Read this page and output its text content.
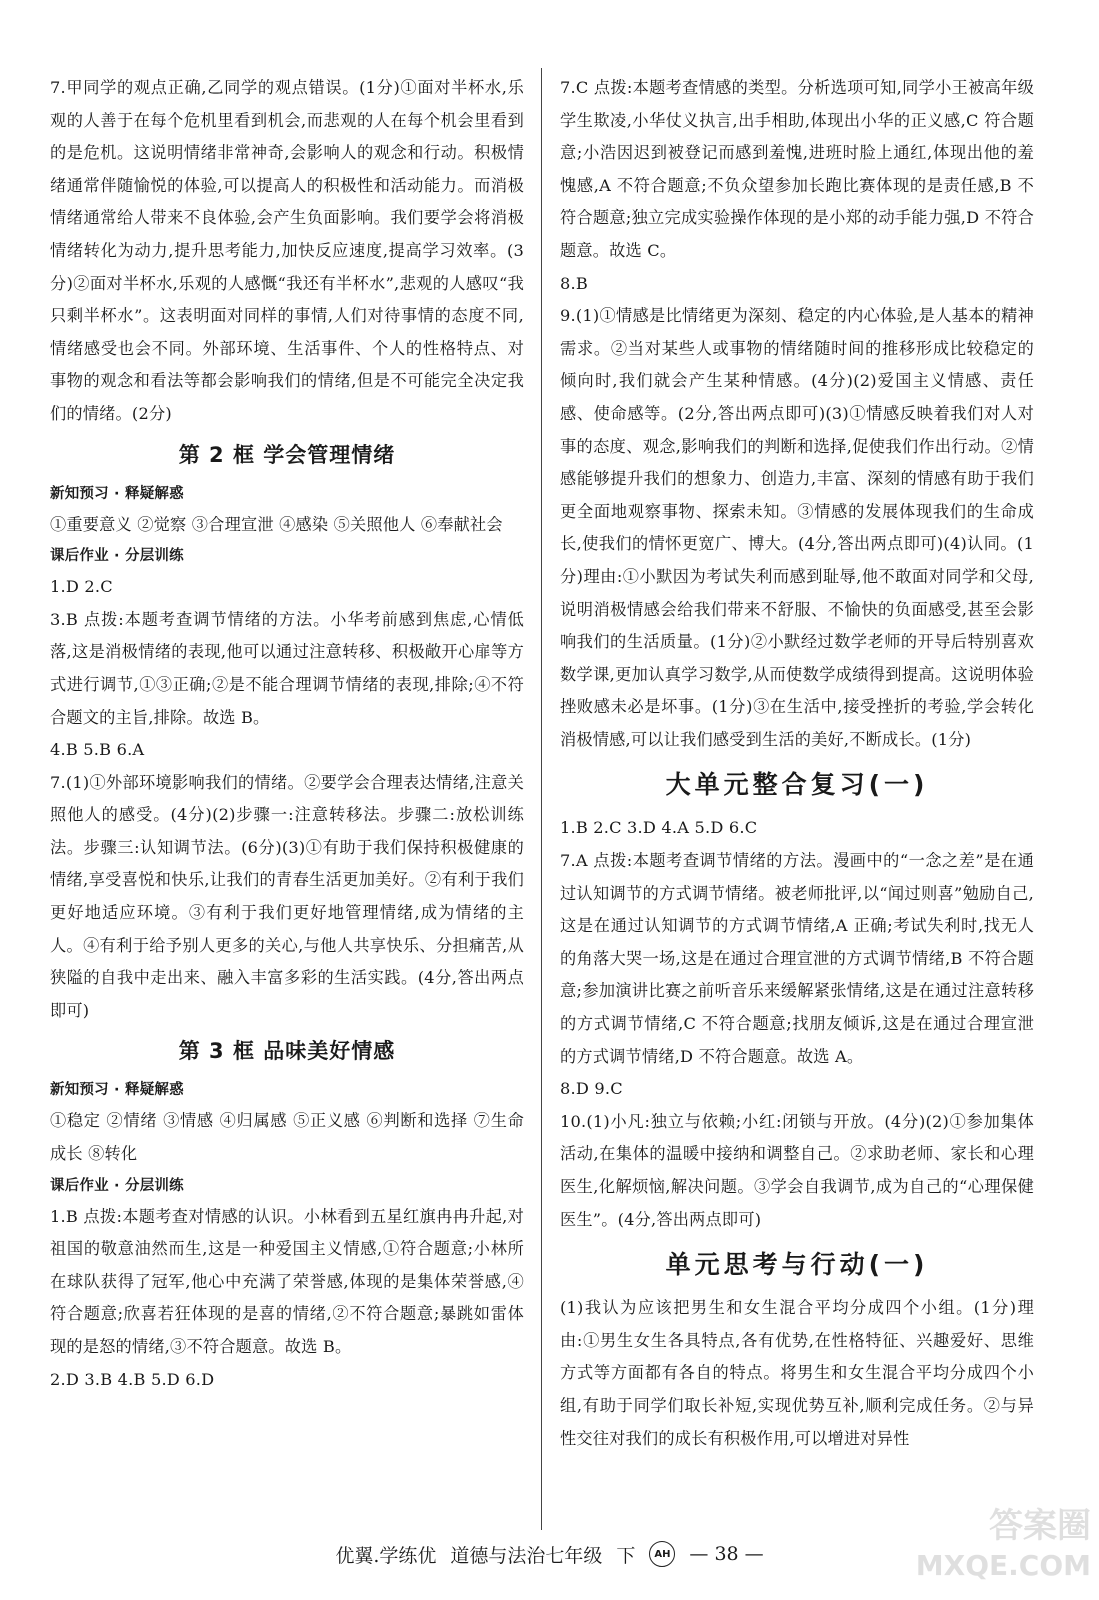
7.甲同学的观点正确,乙同学的观点错误。(1分)①面对半杯水,乐观的人善于在每个危机里看到机会,而悲观的人在每个机会里看到的是危机。这说明情绪非常神奇,会影响人的观念和行动。积极情绪通常伴随愉悦的体验,可以提高人的积极性和活动能力。而消极情绪通常给人带来不良体验,会产生负面影响。我们要学会将消极情绪转化为动力,提升思考能力,加快反应速度,提高学习效率。(3分)②面对半杯水,乐观的人感慨“我还有半杯水”,悲观的人感叹“我只剩半杯水”。这表明面对同样的事情,人们对待事情的态度不同,情绪感受也会不同。外部环境、生活事件、个人的性格特点、对事物的观念和看法等都会影响我们的情绪,但是不可能完全决定我们的情绪。(2分)

第 2 框 学会管理情绪
新知预习 · 释疑解惑

①重要意义 ②觉察 ③合理宣泄 ④感染 ⑤关照他人 ⑥奉献社会

课后作业 · 分层训练

1.D 2.C

3.B 点拨:本题考查调节情绪的方法。小华考前感到焦虑,心情低落,这是消极情绪的表现,他可以通过注意转移、积极敞开心扉等方式进行调节,①③正确;②是不能合理调节情绪的表现,排除;④不符合题文的主旨,排除。故选 B。

4.B 5.B 6.A

7.(1)①外部环境影响我们的情绪。②要学会合理表达情绪,注意关照他人的感受。(4分)(2)步骤一:注意转移法。步骤二:放松训练法。步骤三:认知调节法。(6分)(3)①有助于我们保持积极健康的情绪,享受喜悦和快乐,让我们的青春生活更加美好。②有利于我们更好地适应环境。③有利于我们更好地管理情绪,成为情绪的主人。④有利于给予别人更多的关心,与他人共享快乐、分担痛苦,从狭隘的自我中走出来、融入丰富多彩的生活实践。(4分,答出两点即可)

第 3 框 品味美好情感
新知预习 · 释疑解惑

①稳定 ②情绪 ③情感 ④归属感 ⑤正义感 ⑥判断和选择 ⑦生命成长 ⑧转化

课后作业 · 分层训练

1.B 点拨:本题考查对情感的认识。小林看到五星红旗冉冉升起,对祖国的敬意油然而生,这是一种爱国主义情感,①符合题意;小林所在球队获得了冠军,他心中充满了荣誉感,体现的是集体荣誉感,④符合题意;欣喜若狂体现的是喜的情绪,②不符合题意;暴跳如雷体现的是怒的情绪,③不符合题意。故选 B。

2.D 3.B 4.B 5.D 6.D

7.C 点拨:本题考查情感的类型。分析选项可知,同学小王被高年级学生欺凌,小华仗义执言,出手相助,体现出小华的正义感,C 符合题意;小浩因迟到被登记而感到羞愧,进班时脸上通红,体现出他的羞愧感,A 不符合题意;不负众望参加长跑比赛体现的是责任感,B 不符合题意;独立完成实验操作体现的是小郑的动手能力强,D 不符合题意。故选 C。

8.B

9.(1)①情感是比情绪更为深刻、稳定的内心体验,是人基本的精神需求。②当对某些人或事物的情绪随时间的推移形成比较稳定的倾向时,我们就会产生某种情感。(4分)(2)爱国主义情感、责任感、使命感等。(2分,答出两点即可)(3)①情感反映着我们对人对事的态度、观念,影响我们的判断和选择,促使我们作出行动。②情感能够提升我们的想象力、创造力,丰富、深刻的情感有助于我们更全面地观察事物、探索未知。③情感的发展体现我们的生命成长,使我们的情怀更宽广、博大。(4分,答出两点即可)(4)认同。(1分)理由:①小默因为考试失利而感到耻辱,他不敢面对同学和父母,说明消极情感会给我们带来不舒服、不愉快的负面感受,甚至会影响我们的生活质量。(1分)②小默经过数学老师的开导后特别喜欢数学课,更加认真学习数学,从而使数学成绩得到提高。这说明体验挫败感未必是坏事。(1分)③在生活中,接受挫折的考验,学会转化消极情感,可以让我们感受到生活的美好,不断成长。(1分)

大单元整合复习(一)

1.B 2.C 3.D 4.A 5.D 6.C

7.A 点拨:本题考查调节情绪的方法。漫画中的“一念之差”是在通过认知调节的方式调节情绪。被老师批评,以“闻过则喜”勉励自己,这是在通过认知调节的方式调节情绪,A 正确;考试失利时,找无人的角落大哭一场,这是在通过合理宣泄的方式调节情绪,B 不符合题意;参加演讲比赛之前听音乐来缓解紧张情绪,这是在通过注意转移的方式调节情绪,C 不符合题意;找朋友倾诉,这是在通过合理宣泄的方式调节情绪,D 不符合题意。故选 A。

8.D 9.C

10.(1)小凡:独立与依赖;小红:闭锁与开放。(4分)(2)①参加集体活动,在集体的温暖中接纳和调整自己。②求助老师、家长和心理医生,化解烦恼,解决问题。③学会自我调节,成为自己的“心理保健医生”。(4分,答出两点即可)

单元思考与行动(一)

(1)我认为应该把男生和女生混合平均分成四个小组。(1分)理由:①男生女生各具特点,各有优势,在性格特征、兴趣爱好、思维方式等方面都有各自的特点。将男生和女生混合平均分成四个小组,有助于同学们取长补短,实现优势互补,顺利完成任务。②与异性交往对我们的成长有积极作用,可以增进对异性

优翼.学练优 道德与法治七年级 下	AH — 38 —
答案圈
MXQE.COM
